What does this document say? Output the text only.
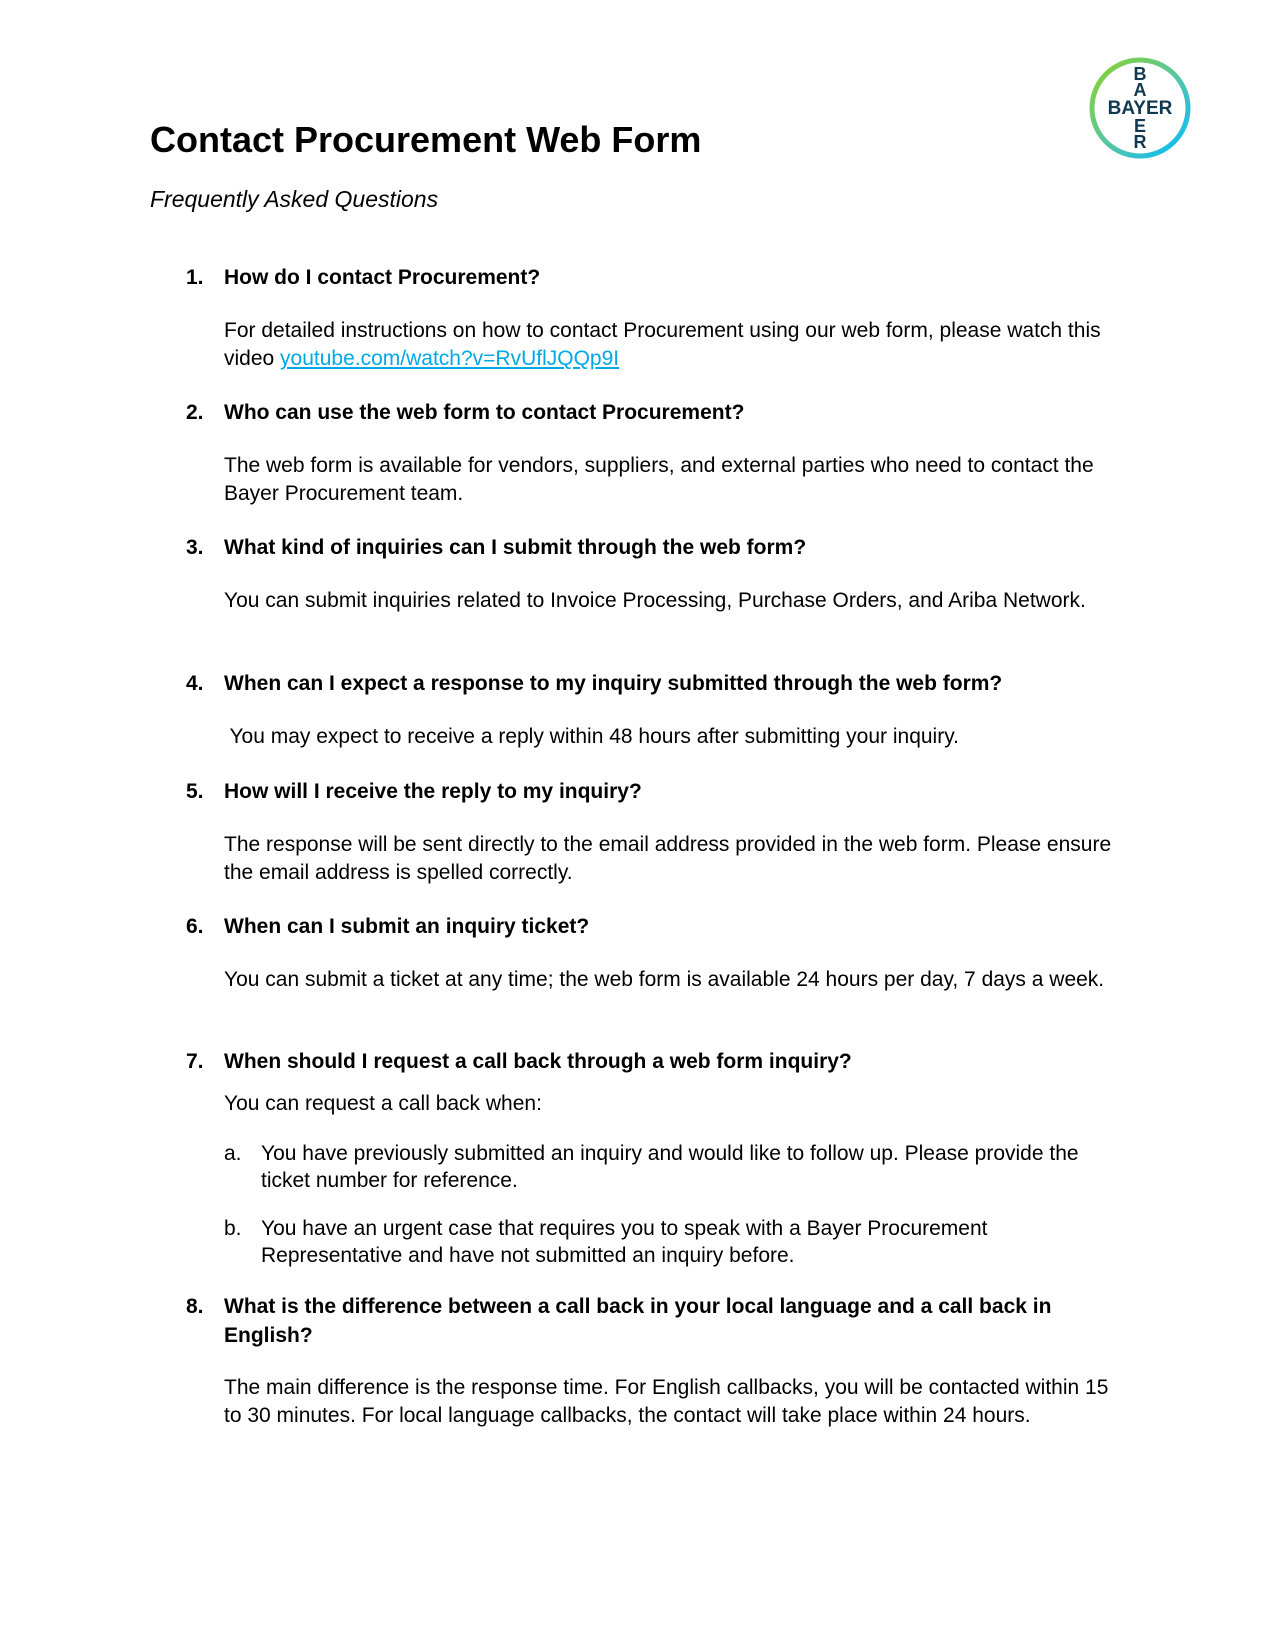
B
A
BAYER
E
R
Contact Procurement Web Form

Frequently Asked Questions

1. How do I contact Procurement?
For detailed instructions on how to contact Procurement using our web form, please watch this video youtube.com/watch?v=RvUflJQQp9I
2. Who can use the web form to contact Procurement?
The web form is available for vendors, suppliers, and external parties who need to contact the Bayer Procurement team.
3. What kind of inquiries can I submit through the web form?
You can submit inquiries related to Invoice Processing, Purchase Orders, and Ariba Network.
4. When can I expect a response to my inquiry submitted through the web form?
You may expect to receive a reply within 48 hours after submitting your inquiry.
5. How will I receive the reply to my inquiry?
The response will be sent directly to the email address provided in the web form. Please ensure the email address is spelled correctly.
6. When can I submit an inquiry ticket?
You can submit a ticket at any time; the web form is available 24 hours per day, 7 days a week.
7. When should I request a call back through a web form inquiry?
You can request a call back when:
a. You have previously submitted an inquiry and would like to follow up. Please provide the ticket number for reference.
b. You have an urgent case that requires you to speak with a Bayer Procurement Representative and have not submitted an inquiry before.
8. What is the difference between a call back in your local language and a call back in English?
The main difference is the response time. For English callbacks, you will be contacted within 15 to 30 minutes. For local language callbacks, the contact will take place within 24 hours.
